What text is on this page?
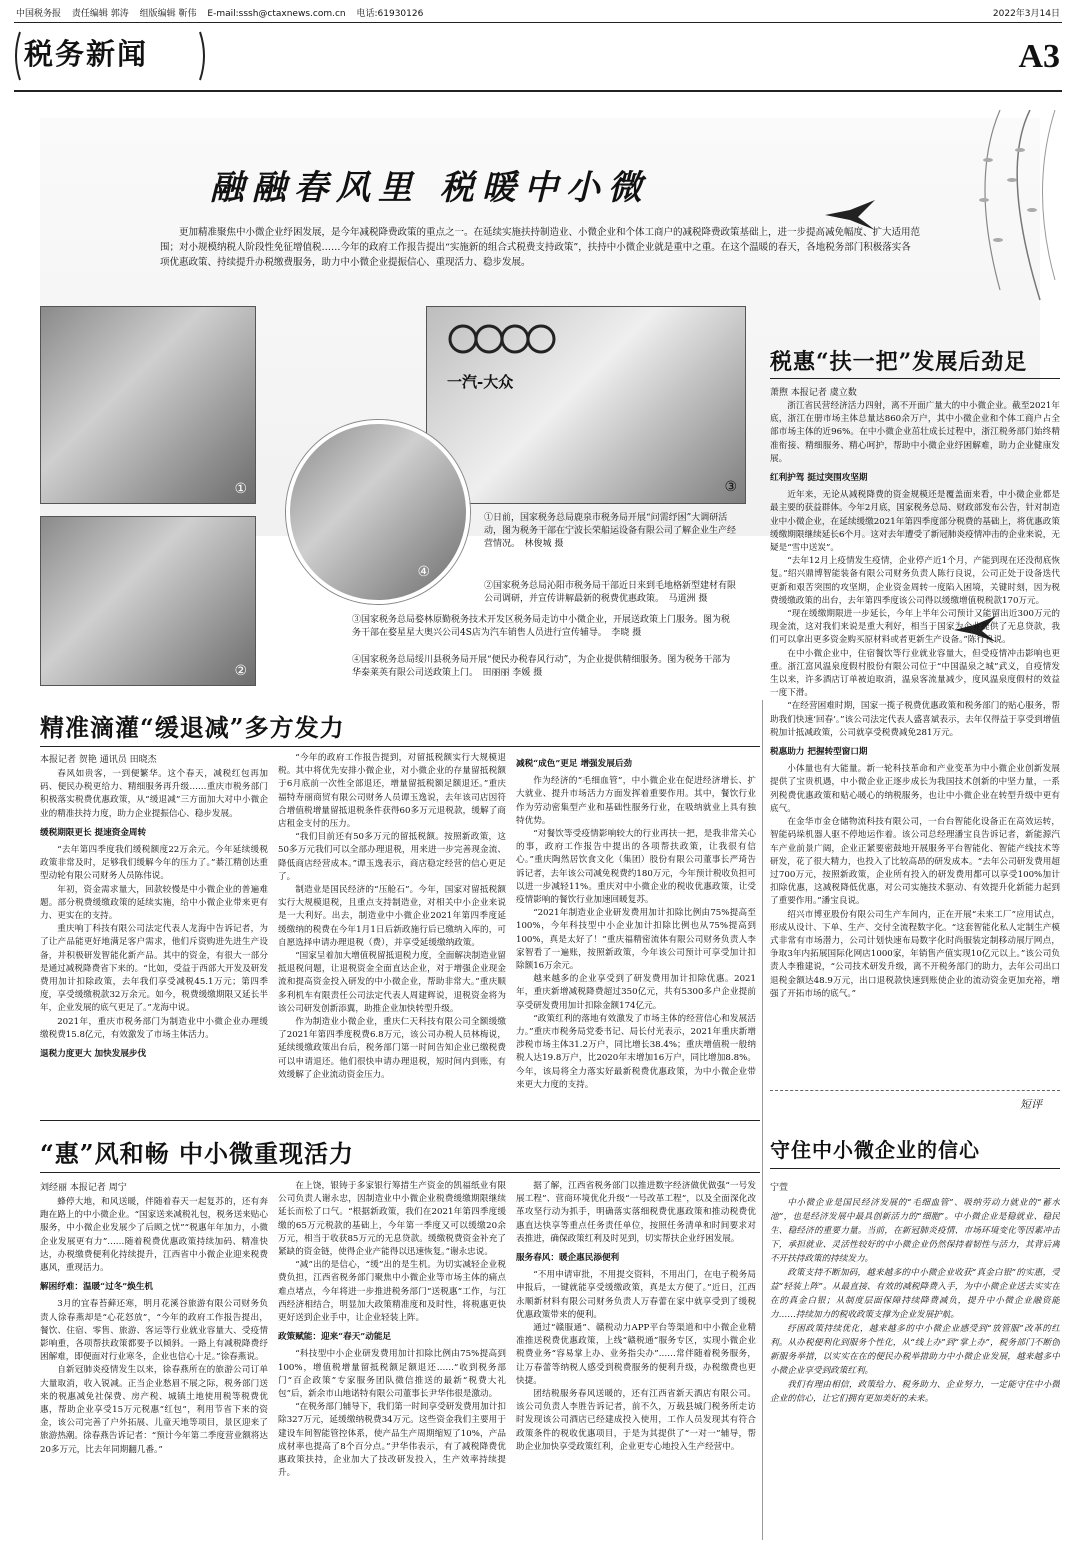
中国税务报 责任编辑 郭涛 组版编辑 靳伟 E-mail:sssh@ctaxnews.com.cn 电话:61930126	2022年3月14日
税务新闻	A3
融融春风里 税暖中小微
更加精准聚焦中小微企业纾困发展，是今年减税降费政策的重点之一。在延续实施扶持制造业、小微企业和个体工商户的减税降费政策基础上，进一步提高减免幅度、扩大适用范围；对小规模纳税人阶段性免征增值税……今年的政府工作报告提出“实施新的组合式税费支持政策”，扶持中小微企业就是重中之重。在这个温暖的春天，各地税务部门积极落实各项优惠政策、持续提升办税缴费服务，助力中小微企业提振信心、重现活力、稳步发展。
①
②
一汽-大众
③
④
①日前，国家税务总局鹿泉市税务局开展“问需纾困”大调研活动，图为税务干部在宁波长荣船运设备有限公司了解企业生产经营情况。　林俊城 摄
②国家税务总局沁阳市税务局干部近日来到毛地格新型建材有限公司调研，并宣传讲解最新的税费优惠政策。　马道洲 摄
③国家税务总局婺林原勤税务技术开发区税务局走访中小微企业，开展送政策上门服务。图为税务干部在婺星星大奥兴公司4S店为汽车销售人员进行宣传辅导。　李晓 摄
④国家税务总局绥川县税务局开展“便民办税春风行动”，为企业提供精细服务。图为税务干部为华泰莱英有限公司送政策上门。　田丽丽 李媛 摄
税惠“扶一把”发展后劲足
萧煦 本报记者 虞立数

浙江省民营经济活力四射，离不开面广量大的中小微企业。截至2021年底，浙江在册市场主体总量达860余万户，其中小微企业和个体工商户占全部市场主体的近96%。在中小微企业茁壮成长过程中，浙江税务部门始终精准衔接、精细服务、精心呵护，帮助中小微企业纾困解难，助力企业健康发展。

红利护驾 挺过突围攻坚期

近年来，无论从减税降费的资金规模还是覆盖面来看，中小微企业都是最主要的获益群体。今年2月底，国家税务总局、财政部发布公告，针对制造业中小微企业，在延续缓缴2021年第四季度部分税费的基础上，将优惠政策缓缴期限继续延长6个月。这对去年遭受了新冠肺炎疫情冲击的企业来说，无疑是“雪中送炭”。

“去年12月上疫情发生疫情，企业停产近1个月，产能到现在还没彻底恢复。”绍兴鼎博智能装备有限公司财务负责人陈行良说，公司正处于设备迭代更新和艰苦突围的攻坚期，企业资金周转一度陷入困境，关键时刻，因为税费缓缴政策的出台，去年第四季度该公司得以缓缴增值税税款170万元。

“现在缓缴期限进一步延长，今年上半年公司预计又能留出近300万元的现金流，这对我们来说是重大利好，相当于国家为企业提供了无息贷款，我们可以拿出更多资金购买原材料或者更新生产设备。”陈行良说。

在中小微企业中，住宿餐饮等行业就业容量大，但受疫情冲击影响也更重。浙江富风温泉度假村股份有限公司位于“中国温泉之城”武义，自疫情发生以来，许多酒店订单被迫取消，温泉客流量减少，度风温泉度假村的效益一度下滑。

“在经营困难时期，国家一揽子税费优惠政策和税务部门的贴心服务，帮助我们快速‘回春’。”该公司法定代表人盛喜斌表示，去年仅得益于享受到增值税加计抵减政策，公司就享受税费减免281万元。

税惠助力 把握转型窗口期

小体量也有大能量。新一轮科技革命和产业变革为中小微企业创新发展提供了宝贵机遇，中小微企业正逐步成长为我国技术创新的中坚力量，一系列税费优惠政策和贴心暖心的纳税服务，也让中小微企业在转型升级中更有底气。

在金华市金仓储物流科技有限公司，一台台智能化设备正在高效运转，智能码垛机器人驱不停地运作着。该公司总经理潘宝良告诉记者，新能源汽车产业前景广阔，企业正紧要密鼓地开展服务平台智能化、智能产线技术等研发，花了很大精力，也投入了比较高昂的研发成本。“去年公司研发费用超过700万元，按照新政策，企业所有投入的研发费用都可以享受100%加计扣除优惠，这减税降低优惠，对公司实施技术驱动、有效提升化新能力起到了重要作用。”潘宝良说。

绍兴市博亚股份有限公司生产车间内，正在开展“未来工厂”应用试点，形成从设计、下单、生产、交付全流程数字化。“这套智能化私人定制生产模式非常有市场潜力，公司计划快速布局数字化时尚服装定制移动展厅网点，争取3年内拓展国际化网店1000家，年销售产值实现10亿元以上。”该公司负责人李雅建说，“公司技术研发升级，离不开税务部门的助力，去年公司出口退税金额达48.9万元，出口退税款快速到账使企业的流动资金更加充裕，增强了开拓市场的底气。”

短评
精准滴灌“缓退减”多方发力
本报记者 贺艳 通讯员 田晓杰

春风如贵客，一到便繁华。这个春天，减税红包再加码、便民办税更给力、精细服务再升级……重庆市税务部门积极落实税费优惠政策，从“缓退减”三方面加大对中小微企业的精准扶持力度，助力企业提振信心、稳步发展。

缓税期限更长 提速资金周转

“去年第四季度我们缓税额度22万余元。今年延续缓税政策非常及时，足够我们缓解今年的压力了。”綦江精创达重型动轮有限公司财务人员陈伟说。

年初，资金需求量大，回款较慢是中小微企业的普遍难题。部分税费缓缴政策的延续实施，给中小微企业带来更有力、更实在的支持。

重庆响丁科技有限公司法定代表人龙海中告诉记者，为了让产品能更好地满足客户需求，他们斥资购进先进生产设备，并积极研发智能化新产品。其中的资金，有很大一部分是通过减税降费省下来的。“比如，受益于西部大开发及研发费用加计扣除政策，去年我们享受减税45.1万元；第四季度，享受缓缴税款32万余元。如今，税费缓缴期限又延长半年，企业发展的底气更足了。”龙海中说。

2021年，重庆市税务部门为制造业中小微企业办理缓缴税费15.8亿元，有效激发了市场主体活力。

退税力度更大 加快发展步伐

“今年的政府工作报告提到，对留抵税额实行大规模退税。其中将优先安排小微企业，对小微企业的存量留抵税额于6月底前一次性全部退还，增量留抵税额足额退还。”重庆福特寿丽商贸有限公司财务人员谭玉逸说，去年该司店因符合增值税增量留抵退税条件获得60多万元退税款，缓解了商店租金支付的压力。

“我们目前还有50多万元的留抵税额。按照新政策，这50多万元我们可以全部办理退税，用来进一步完善现金流、降低商店经营成本。”谭玉逸表示，商店稳定经营的信心更足了。

制造业是国民经济的“压舱石”。今年，国家对留抵税额实行大规模退税，且重点支持制造业，对相关中小企业来说是一大利好。出去，制造业中小微企业2021年第四季度延缓缴纳的税费在今年1月1日后新政施行后已缴纳入库的，可自愿选择申请办理退税（费），并享受延缓缴纳政策。

“国家呈着加大增值税留抵退税力度，全面解决制造业留抵退税问题，让退税资金全面直达企业，对于增强企业现金流和提高资金投入研发的中小微企业，帮助非常大。”重庆顺多利机车有限责任公司法定代表人周建辉说，退税资金将为该公司研发创新添翼，助推企业加快转型升级。

作为制造业小微企业，重庆仁天科技有限公司全额缓缴了2021年第四季度税费6.8万元，该公司办税人员林梅说，延续缓缴政策出台后，税务部门第一时间告知企业已缴税费可以申请退还。他们很快申请办理退税，短时间内到账，有效缓解了企业流动资金压力。

减税“成色”更足 增强发展后劲

作为经济的“毛细血管”，中小微企业在促进经济增长、扩大就业、提升市场活力方面发挥着重要作用。其中，餐饮行业作为劳动密集型产业和基础性服务行业，在吸纳就业上具有独特优势。

“对餐饮等受疫情影响较大的行业再扶一把，是我非常关心的事，政府工作报告中提出的各项帮扶政策，让我很有信心。”重庆陶然居饮食文化（集团）股份有限公司董事长严琦告诉记者，去年该公司减免税费约180万元，今年预计税收负担可以进一步减轻11%。重庆对中小微企业的税收优惠政策，让受疫情影响的餐饮行业加速回暖复苏。

“2021年制造业企业研发费用加计扣除比例由75%提高至100%，今年科技型中小企业加计扣除比例也从75%提高到100%，真是太好了！”重庆福精密流体有限公司财务负责人李家智看了一遍账，按照新政策，今年该公司预计可享受加计扣除额16万余元。

越来越多的企业享受到了研发费用加计扣除优惠。2021年，重庆新增减税降费超过350亿元，共有5300多户企业提前享受研发费用加计扣除金额174亿元。

“政策红利的落地有效激发了市场主体的经营信心和发展活力。”重庆市税务局党委书记、局长付光表示，2021年重庆新增涉税市场主体31.2万户，同比增长38.4%；重庆增值税一般纳税人达19.8万户，比2020年末增加16万户，同比增加8.8%。今年，该局将全力落实好最新税费优惠政策，为中小微企业带来更大力度的支持。

“惠”风和畅 中小微重现活力
刘经丽 本报记者 周宁

蜂停大地，和风送暖，伴随着春天一起复苏的，还有奔跑在路上的中小微企业。“国家送来减税礼包，税务送来贴心服务，中小微企业发展少了后顾之忧”“税惠年年加力，小微企业发展更有力”……随着税费优惠政策持续加码、精准快达，办税缴费便利化持续提升，江西省中小微企业迎来税费惠风，重现活力。

解困纾难：温暖“过冬”焕生机

3月的宜春苔藓还寒，明月花溪谷旅游有限公司财务负责人徐春燕却是“心花怒放”，“今年的政府工作报告提出，餐饮、住宿、零售、旅游、客运等行业就业容量大、受疫情影响重，各项帮扶政策都要予以倾斜。一路上有减税降费纾困解难，即便面对行业寒冬，企业也信心十足。”徐春燕说。

自新冠肺炎疫情发生以来，徐春燕所在的旅游公司订单大量取消，收入锐减。正当企业愁眉不展之际，税务部门送来的税惠减免社保费、房产税、城镇土地使用税等税费优惠，帮助企业享受15万元税惠“红包”，利用节省下来的资金，该公司完善了户外拓展、儿童天地等项目，景区迎来了旅游热潮。徐春燕告诉记者：“预计今年第二季度营业额将达20多万元，比去年同期翻几番。”

在上饶，银铸于多家银行筹措生产资金的凯福纸业有限公司负责人谢永忠，因制造业中小微企业税费缓缴期限继续延长而松了口气。“根据新政策，我们在2021年第四季度缓缴的65万元税款的基础上，今年第一季度又可以缓缴20余万元，相当于收获85万元的无息贷款。缓缴税费资金补充了紧缺的资金链，使得企业产能得以迅速恢复。”谢永忠说。

“减”出的是信心，“缓”出的是生机。为切实减轻企业税费负担，江西省税务部门聚焦中小微企业等市场主体的痛点难点堵点，今年将进一步推进税务部门“送税惠”工作，与江西经济相结合，明显加大政策精准度和及时性，将税惠更快更好送到企业手中，让企业轻装上阵。

政策赋能：迎来“春天”动能足

“科技型中小企业研发费用加计扣除比例由75%提高到100%，增值税增量留抵税额足额退还……”收到税务部门“百企政策”专家服务团队微信推送的最新“税费大礼包”后，新余市山地诺特有限公司董事长尹华伟很是激动。

“在税务部门辅导下，我们第一时间享受研发费用加计扣除327万元，延缓缴纳税费34万元。这些资金我们主要用于建设车间智能管控体系，使产品生产周期缩短了10%，产品成材率也提高了8个百分点。”尹华伟表示，有了减税降费优惠政策扶持，企业加大了技改研发投入，生产效率持续提升。

据了解，江西省税务部门以推进数字经济做优做强“一号发展工程”、营商环境优化升级“一号改革工程”，以及全面深化改革攻坚行动为抓手，明确落实落细税费优惠政策和推动税费优惠直达快享等重点任务责任单位，按照任务清单和时间要求对表推进，确保政策红利及时见到，切实帮扶企业纾困发展。

服务春风：暖企惠民添便利

“不用申请审批，不用提交资料，不用出门，在电子税务局申报后，一键就能享受缓缴政策，真是太方便了。”近日，江西永顺新材料有限公司财务负责人万春蕾在家中就享受到了缓税优惠政策带来的便利。

通过“赣服通”、赣税动力APP平台等渠道和中小微企业精准推送税费优惠政策，上线“赣税通”服务专区，实现小微企业税费业务“容易掌上办、业务指尖办”……常伴随着税务服务，让万春蕾等纳税人感受到税费服务的便利升级，办税缴费也更快捷。

团结税服务春风送暖的，还有江西省新天酒店有限公司。该公司负责人李胜告诉记者，前不久，万载县城门税务所走访时发现该公司酒店已经建成投入使用，工作人员发现其有符合政策条件的税收优惠项目，于是为其提供了“一对一”辅导，帮助企业加快享受政策红利，企业更专心地投入生产经营中。

守住中小微企业的信心
宁萱

中小微企业是国民经济发展的“毛细血管”、吸纳劳动力就业的“蓄水池”，也是经济发展中最具创新活力的“细胞”。中小微企业是稳就业、稳民生、稳经济的重要力量。当前，在新冠肺炎疫情、市场环境变化等因素冲击下，承担就业、灵活性较好的中小微企业仍然保持着韧性与活力，其背后离不开扶持政策的持续发力。

政策支持不断加码，越来越多的中小微企业收获“真金白银”的实惠，受益“轻装上阵”。从最直接、有效的减税降费入手，为中小微企业送去实实在在的真金白银；从制度层面保障持续降费减负，提升中小微企业融资能力……持续加力的税收政策支撑为企业发展护航。

纾困政策持续优化，越来越多的中小微企业感受到“放管服”改革的红利。从办税便利化到服务个性化，从“线上办”到“掌上办”，税务部门不断创新服务举措，以实实在在的便民办税举措助力中小微企业发展，越来越多中小微企业享受到政策红利。

我们有理由相信，政策给力、税务助力、企业努力，一定能守住中小微企业的信心，让它们拥有更加美好的未来。
